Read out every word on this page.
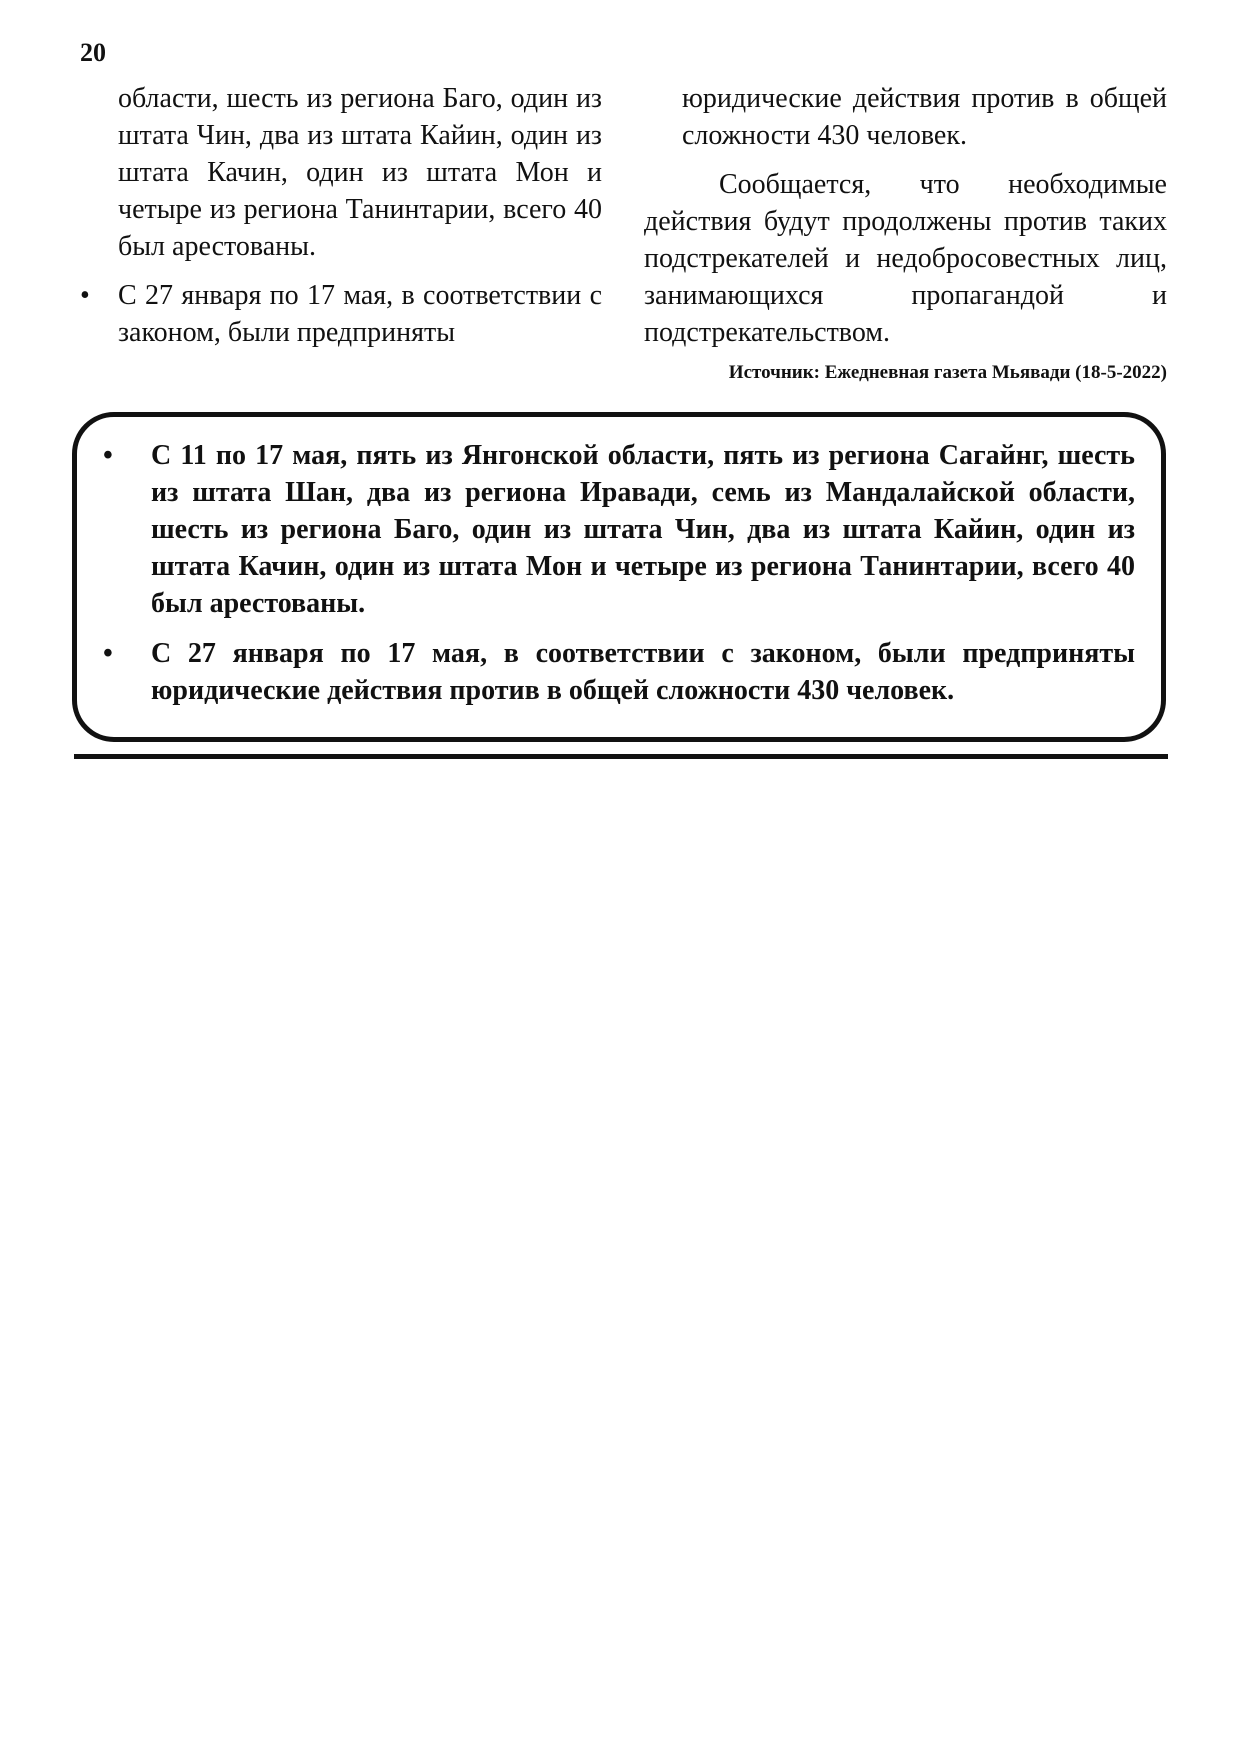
20
области, шесть из региона Баго, один из штата Чин, два из штата Кайин, один из штата Качин, один из штата Мон и четыре из региона Танинтарии, всего 40 был арестованы.
•	С 27 января по 17 мая, в соответствии с законом, были предприняты
юридические действия против в общей сложности 430 человек.
Сообщается, что необходимые действия будут продолжены против таких подстрекателей и недобросовестных лиц, занимающихся пропагандой и подстрекательством.
Источник: Ежедневная газета Мьявади (18-5-2022)
•	С 11 по 17 мая, пять из Янгонской области, пять из региона Сагайнг, шесть из штата Шан, два из региона Иравади, семь из Мандалайской области, шесть из региона Баго, один из штата Чин, два из штата Кайин, один из штата Качин, один из штата Мон и четыре из региона Танинтарии, всего 40 был арестованы.
•	С 27 января по 17 мая, в соответствии с законом, были предприняты юридические действия против в общей сложности 430 человек.
